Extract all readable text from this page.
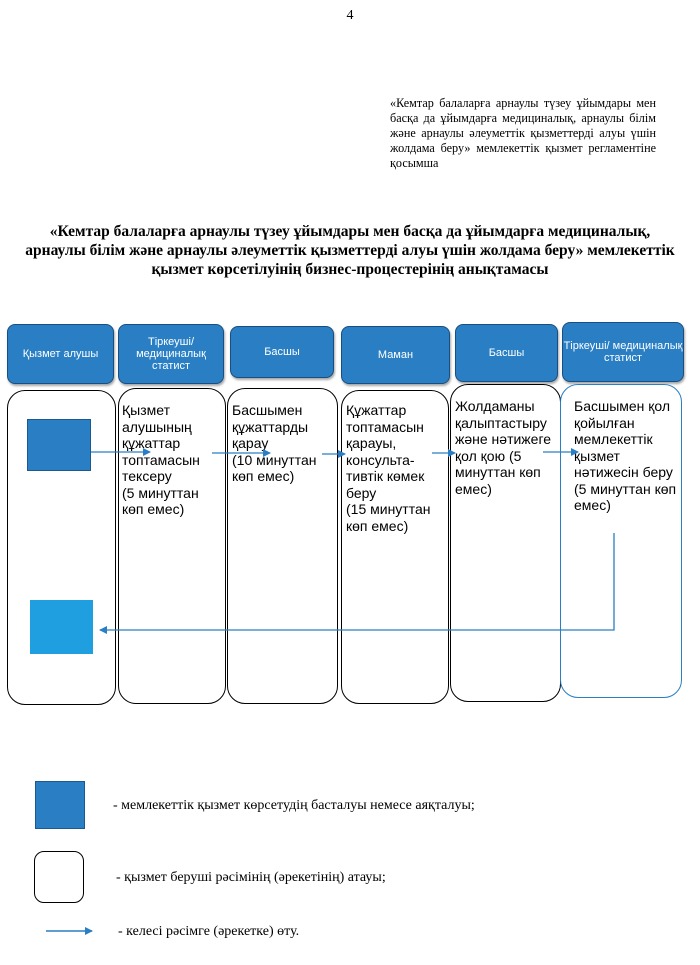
4
«Кемтар балаларға арнаулы түзеу ұйымдары мен басқа да ұйымдарға медициналық, арнаулы білім және арнаулы әлеуметтік қызметтерді алуы үшін жолдама беру» мемлекеттік қызмет регламентіне қосымша
«Кемтар балаларға арнаулы түзеу ұйымдары мен басқа да ұйымдарға медициналық, арнаулы білім және арнаулы әлеуметтік қызметтерді алуы үшін жолдама беру» мемлекеттік қызмет көрсетілуінің бизнес-процестерінің анықтамасы
Қызмет алушы
Тіркеуші/ медициналық статист
Басшы	Маман	Басшы
Тіркеуші/ медициналық статист
Қызмет алушының құжаттар топтамасын тексеру
(5 минуттан көп емес)
Басшымен құжаттарды қарау
(10 минуттан көп емес)
Құжаттар топтамасын қарауы, консульта-тивтік көмек беру
(15 минуттан көп емес)
Жолдаманы қалыптастыру және нәтижеге қол қою (5 минуттан көп емес)
Басшымен қол қойылған мемлекеттік қызмет нәтижесін беру
(5 минуттан көп емес)
- мемлекеттік қызмет көрсетудің басталуы немесе аяқталуы;
- қызмет беруші рәсімінің (әрекетінің) атауы;
- келесі рәсімге (әрекетке) өту.
